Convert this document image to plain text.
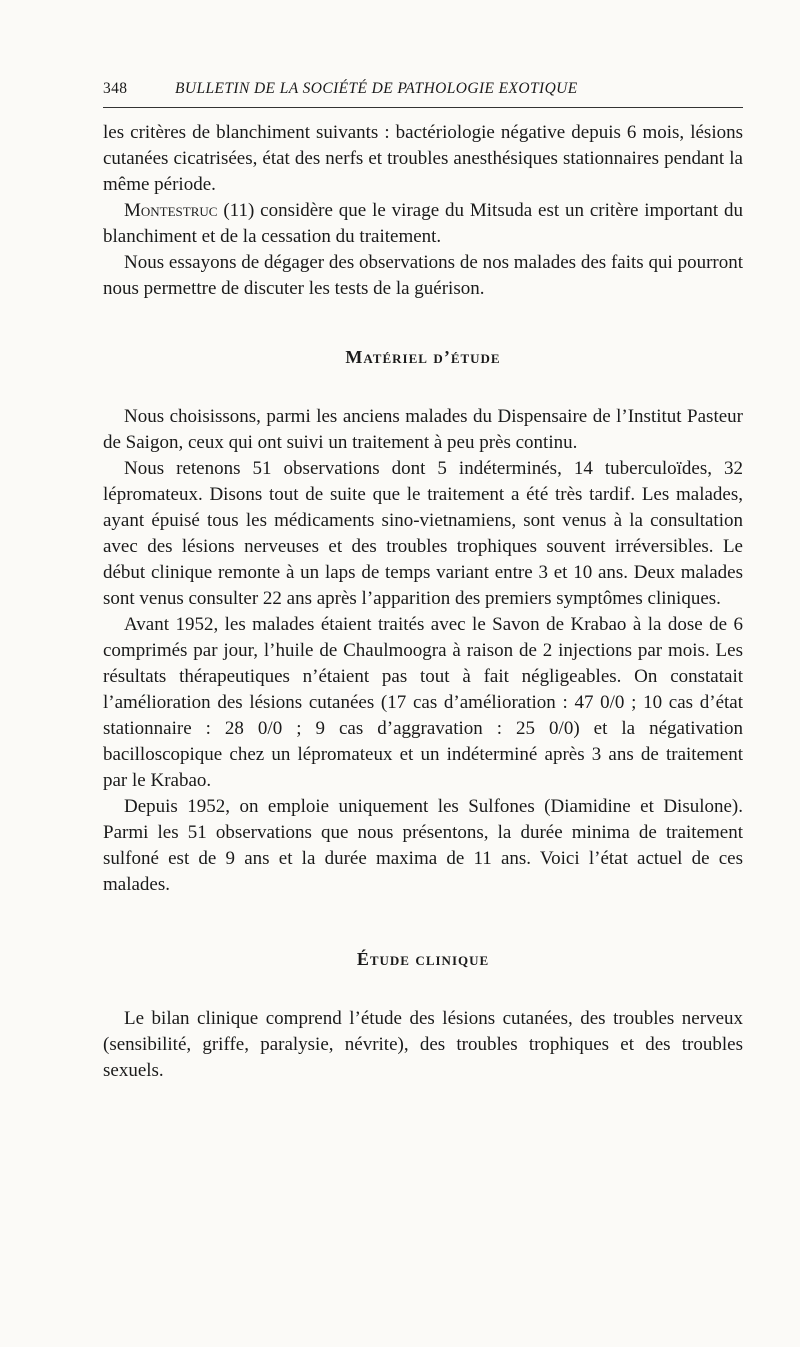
348	BULLETIN DE LA SOCIÉTÉ DE PATHOLOGIE EXOTIQUE

les critères de blanchiment suivants : bactériologie négative depuis 6 mois, lésions cutanées cicatrisées, état des nerfs et troubles anesthésiques stationnaires pendant la même période.

Montestruc (11) considère que le virage du Mitsuda est un critère important du blanchiment et de la cessation du traitement.

Nous essayons de dégager des observations de nos malades des faits qui pourront nous permettre de discuter les tests de la guérison.

Matériel d’étude

Nous choisissons, parmi les anciens malades du Dispensaire de l’Institut Pasteur de Saigon, ceux qui ont suivi un traitement à peu près continu.

Nous retenons 51 observations dont 5 indéterminés, 14 tuberculoïdes, 32 lépromateux. Disons tout de suite que le traitement a été très tardif. Les malades, ayant épuisé tous les médicaments sino-vietnamiens, sont venus à la consultation avec des lésions nerveuses et des troubles trophiques souvent irréversibles. Le début clinique remonte à un laps de temps variant entre 3 et 10 ans. Deux malades sont venus consulter 22 ans après l’apparition des premiers symptômes cliniques.

Avant 1952, les malades étaient traités avec le Savon de Krabao à la dose de 6 comprimés par jour, l’huile de Chaulmoogra à raison de 2 injections par mois. Les résultats thérapeutiques n’étaient pas tout à fait négligeables. On constatait l’amélioration des lésions cutanées (17 cas d’amélioration : 47 0/0 ; 10 cas d’état stationnaire : 28 0/0 ; 9 cas d’aggravation : 25 0/0) et la négativation bacilloscopique chez un lépromateux et un indéterminé après 3 ans de traitement par le Krabao.

Depuis 1952, on emploie uniquement les Sulfones (Diamidine et Disulone). Parmi les 51 observations que nous présentons, la durée minima de traitement sulfoné est de 9 ans et la durée maxima de 11 ans. Voici l’état actuel de ces malades.

Étude clinique

Le bilan clinique comprend l’étude des lésions cutanées, des troubles nerveux (sensibilité, griffe, paralysie, névrite), des troubles trophiques et des troubles sexuels.
